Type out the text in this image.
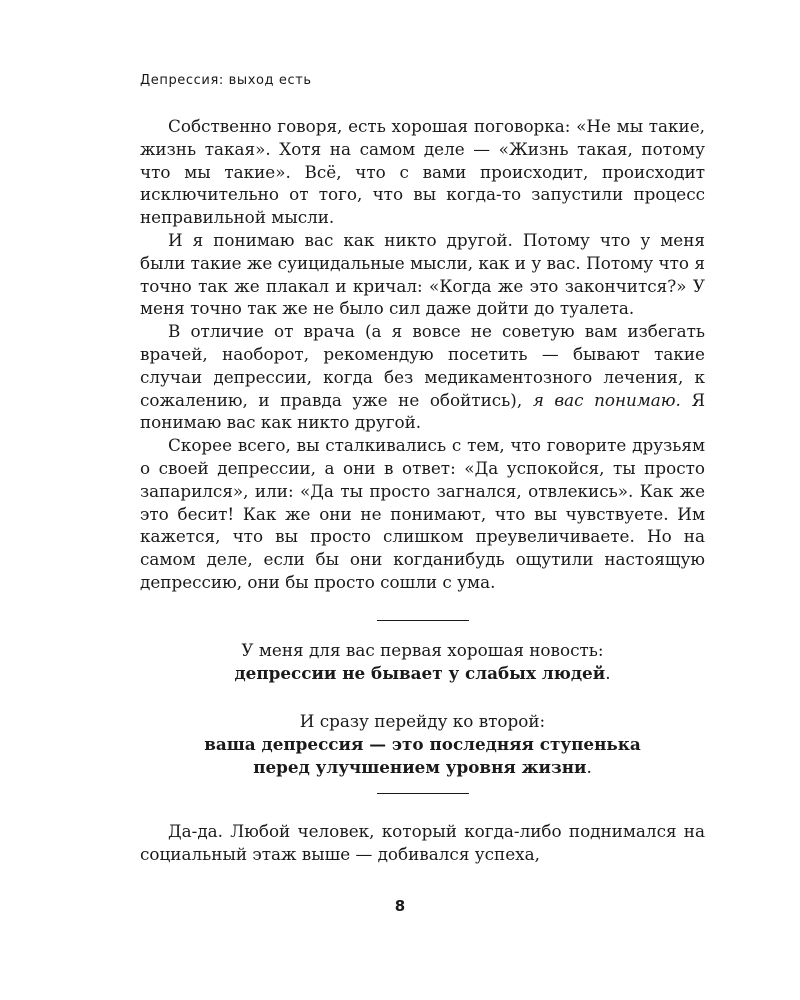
Депрессия: выход есть

Собственно говоря, есть хорошая поговорка: «Не мы такие, жизнь такая». Хотя на самом деле — «Жизнь такая, потому что мы такие». Всё, что с вами происходит, происходит исключительно от того, что вы когда-то запустили процесс неправильной мысли.

И я понимаю вас как никто другой. Потому что у меня были такие же суицидальные мысли, как и у вас. Потому что я точно так же плакал и кричал: «Когда же это закончится?» У меня точно так же не было сил даже дойти до туалета.

В отличие от врача (а я вовсе не советую вам избегать врачей, наоборот, рекомендую посетить — бывают такие случаи депрессии, когда без медикаментозного лечения, к сожалению, и правда уже не обойтись), я вас понимаю. Я понимаю вас как никто другой.

Скорее всего, вы сталкивались с тем, что говорите друзьям о своей депрессии, а они в ответ: «Да успокойся, ты просто запарился», или: «Да ты просто загнался, отвлекись». Как же это бесит! Как же они не понимают, что вы чувствуете. Им кажется, что вы просто слишком преувеличиваете. Но на самом деле, если бы они когданибудь ощутили настоящую депрессию, они бы просто сошли с ума.

У меня для вас первая хорошая новость:

депрессии не бывает у слабых людей.

И сразу перейду ко второй:

ваша депрессия — это последняя ступенька

перед улучшением уровня жизни.

Да-да. Любой человек, который когда-либо поднимался на социальный этаж выше — добивался успеха,

8
